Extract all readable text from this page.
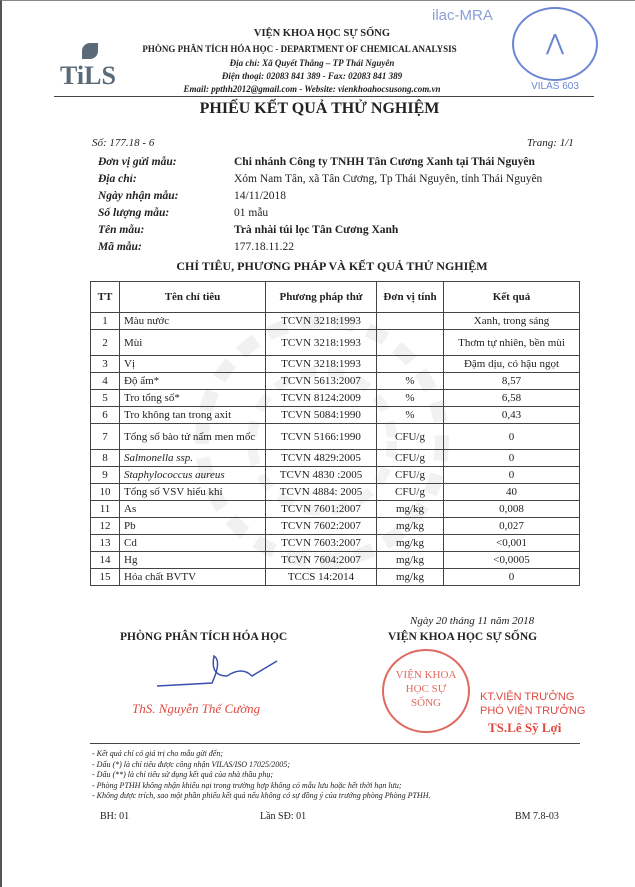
TiLS
VIỆN KHOA HỌC SỰ SỐNG
PHÒNG PHÂN TÍCH HÓA HỌC - DEPARTMENT OF CHEMICAL ANALYSIS
Địa chỉ: Xã Quyết Thắng – TP Thái Nguyên
Điện thoại: 02083 841 389 - Fax: 02083 841 389
Email: ppthh2012@gmail.com - Website: vienkhoahocsusong.com.vn
ilac-MRA
⋀
VILAS 603
PHIẾU KẾT QUẢ THỬ NGHIỆM
Số: 177.18 - 6	Trang: 1/1
Đơn vị gửi mẫu:	Chi nhánh Công ty TNHH Tân Cương Xanh tại Thái Nguyên
Địa chỉ:	Xóm Nam Tân, xã Tân Cương, Tp Thái Nguyên, tỉnh Thái Nguyên
Ngày nhận mẫu:	14/11/2018
Số lượng mẫu:	01 mẫu
Tên mẫu:	Trà nhài túi lọc Tân Cương Xanh
Mã mẫu:	177.18.11.22
CHỈ TIÊU, PHƯƠNG PHÁP VÀ KẾT QUẢ THỬ NGHIỆM
TT	Tên chỉ tiêu	Phương pháp thử	Đơn vị tính	Kết quả
1	Màu nước	TCVN 3218:1993		Xanh, trong sáng
2	Mùi	TCVN 3218:1993		Thơm tự nhiên, bền mùi
3	Vị	TCVN 3218:1993		Đậm dịu, có hậu ngọt
4	Độ ẩm*	TCVN 5613:2007	%	8,57
5	Tro tổng số*	TCVN 8124:2009	%	6,58
6	Tro không tan trong axit	TCVN 5084:1990	%	0,43
7	Tổng số bào tử nấm men mốc	TCVN 5166:1990	CFU/g	0
8	Salmonella ssp.	TCVN 4829:2005	CFU/g	0
9	Staphylococcus aureus	TCVN 4830 :2005	CFU/g	0
10	Tổng số VSV hiếu khí	TCVN 4884: 2005	CFU/g	40
11	As	TCVN 7601:2007	mg/kg	0,008
12	Pb	TCVN 7602:2007	mg/kg	0,027
13	Cd	TCVN 7603:2007	mg/kg	<0,001
14	Hg	TCVN 7604:2007	mg/kg	<0,0005
15	Hóa chất BVTV	TCCS 14:2014	mg/kg	0
Ngày 20 tháng 11 năm 2018
PHÒNG PHÂN TÍCH HÓA HỌC
ThS. Nguyễn Thế Cường
VIỆN KHOA HỌC SỰ SỐNG
VIỆN KHOA HỌC SỰ SỐNG	KT.VIỆN TRƯỞNG
PHÓ VIỆN TRƯỞNG
TS.Lê Sỹ Lợi
- Kết quả chỉ có giá trị cho mẫu gửi đến;
- Dấu (*) là chỉ tiêu được công nhận VILAS/ISO 17025/2005;
- Dấu (**) là chỉ tiêu sử dụng kết quả của nhà thầu phụ;
- Phòng PTHH không nhận khiếu nại trong trường hợp không có mẫu lưu hoặc hết thời hạn lưu;
- Không được trích, sao một phần phiếu kết quả nếu không có sự đồng ý của trưởng phòng Phòng PTHH.
BH: 01	Lần SĐ: 01	BM 7.8-03
